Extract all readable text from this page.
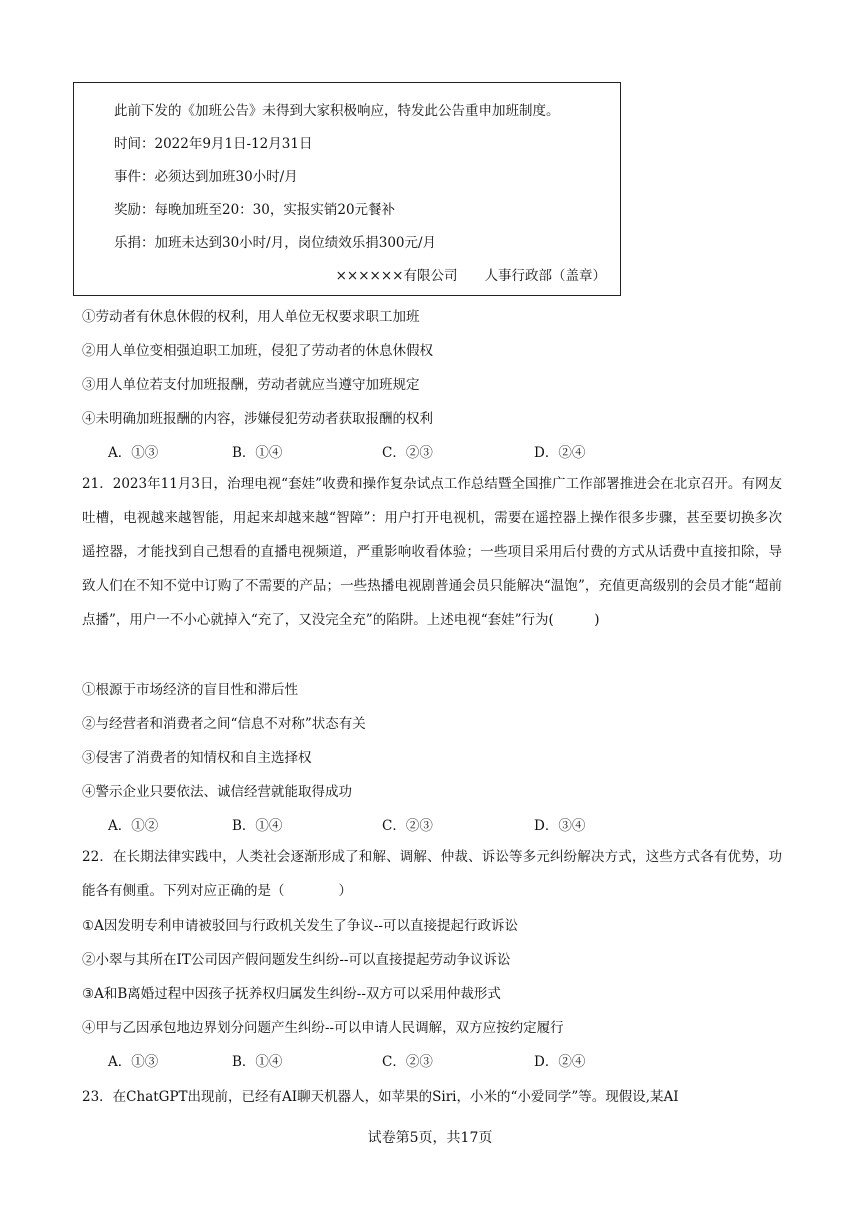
此前下发的《加班公告》未得到大家积极响应，特发此公告重申加班制度。
时间：2022年9月1日-12月31日
事件：必须达到加班30小时/月
奖励：每晚加班至20：30，实报实销20元餐补
乐捐：加班未达到30小时/月，岗位绩效乐捐300元/月
××××××有限公司　　人事行政部（盖章）
①劳动者有休息休假的权利，用人单位无权要求职工加班
②用人单位变相强迫职工加班，侵犯了劳动者的休息休假权
③用人单位若支付加班报酬，劳动者就应当遵守加班规定
④未明确加班报酬的内容，涉嫌侵犯劳动者获取报酬的权利
A．①③	B．①④	C．②③	D．②④
21．2023年11月3日，治理电视“套娃”收费和操作复杂试点工作总结暨全国推广工作部署推进会在北京召开。有网友吐槽，电视越来越智能，用起来却越来越“智障”：用户打开电视机，需要在遥控器上操作很多步骤，甚至要切换多次遥控器，才能找到自己想看的直播电视频道，严重影响收看体验；一些项目采用后付费的方式从话费中直接扣除，导致人们在不知不觉中订购了不需要的产品；一些热播电视剧普通会员只能解决“温饱”，充值更高级别的会员才能“超前点播”，用户一不小心就掉入“充了，又没完全充”的陷阱。上述电视“套娃”行为(　　　)
①根源于市场经济的盲目性和滞后性
②与经营者和消费者之间“信息不对称”状态有关
③侵害了消费者的知情权和自主选择权
④警示企业只要依法、诚信经营就能取得成功
A．①②	B．①④	C．②③	D．③④
22．在长期法律实践中，人类社会逐渐形成了和解、调解、仲裁、诉讼等多元纠纷解决方式，这些方式各有优势，功能各有侧重。下列对应正确的是（　　　　）
①A因发明专利申请被驳回与行政机关发生了争议--可以直接提起行政诉讼
②小翠与其所在IT公司因产假问题发生纠纷--可以直接提起劳动争议诉讼
③A和B离婚过程中因孩子抚养权归属发生纠纷--双方可以采用仲裁形式
④甲与乙因承包地边界划分问题产生纠纷--可以申请人民调解，双方应按约定履行
A．①③	B．①④	C．②③	D．②④
23．在ChatGPT出现前，已经有AI聊天机器人，如苹果的Siri，小米的“小爱同学”等。现假设,某AI
试卷第5页，共17页
